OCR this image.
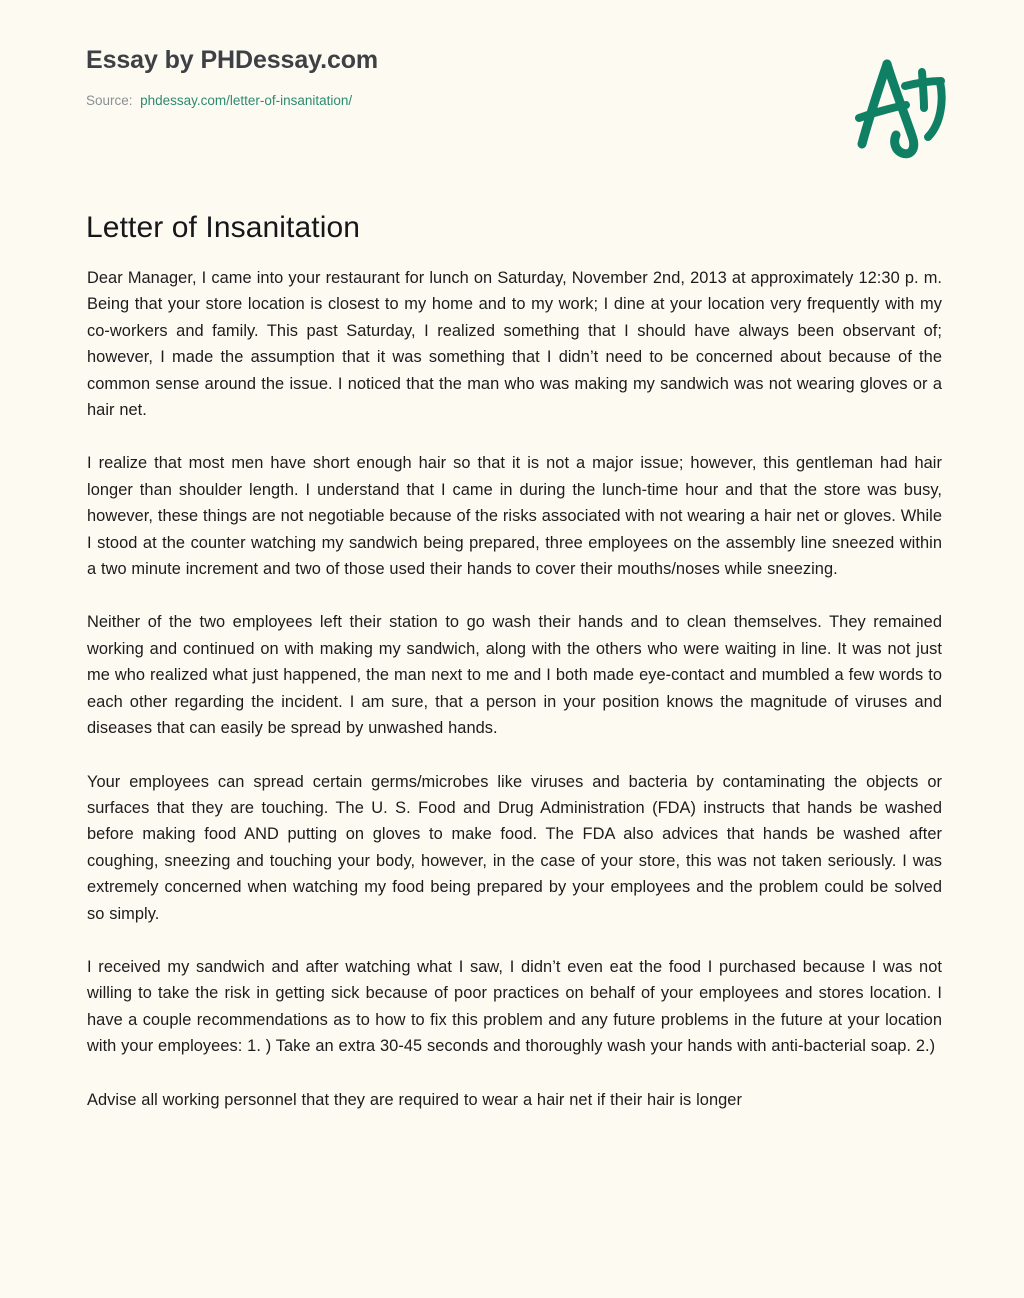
Essay by PHDessay.com
Source: phdessay.com/letter-of-insanitation/
Letter of Insanitation

Dear Manager, I came into your restaurant for lunch on Saturday, November 2nd, 2013 at approximately 12:30 p. m. Being that your store location is closest to my home and to my work; I dine at your location very frequently with my co-workers and family. This past Saturday, I realized something that I should have always been observant of; however, I made the assumption that it was something that I didn’t need to be concerned about because of the common sense around the issue. I noticed that the man who was making my sandwich was not wearing gloves or a hair net.

I realize that most men have short enough hair so that it is not a major issue; however, this gentleman had hair longer than shoulder length. I understand that I came in during the lunch-time hour and that the store was busy, however, these things are not negotiable because of the risks associated with not wearing a hair net or gloves. While I stood at the counter watching my sandwich being prepared, three employees on the assembly line sneezed within a two minute increment and two of those used their hands to cover their mouths/noses while sneezing.

Neither of the two employees left their station to go wash their hands and to clean themselves. They remained working and continued on with making my sandwich, along with the others who were waiting in line. It was not just me who realized what just happened, the man next to me and I both made eye-contact and mumbled a few words to each other regarding the incident. I am sure, that a person in your position knows the magnitude of viruses and diseases that can easily be spread by unwashed hands.

Your employees can spread certain germs/microbes like viruses and bacteria by contaminating the objects or surfaces that they are touching. The U. S. Food and Drug Administration (FDA) instructs that hands be washed before making food AND putting on gloves to make food. The FDA also advices that hands be washed after coughing, sneezing and touching your body, however, in the case of your store, this was not taken seriously. I was extremely concerned when watching my food being prepared by your employees and the problem could be solved so simply.

I received my sandwich and after watching what I saw, I didn’t even eat the food I purchased because I was not willing to take the risk in getting sick because of poor practices on behalf of your employees and stores location. I have a couple recommendations as to how to fix this problem and any future problems in the future at your location with your employees: 1. ) Take an extra 30-45 seconds and thoroughly wash your hands with anti-bacterial soap. 2.)

Advise all working personnel that they are required to wear a hair net if their hair is longer
